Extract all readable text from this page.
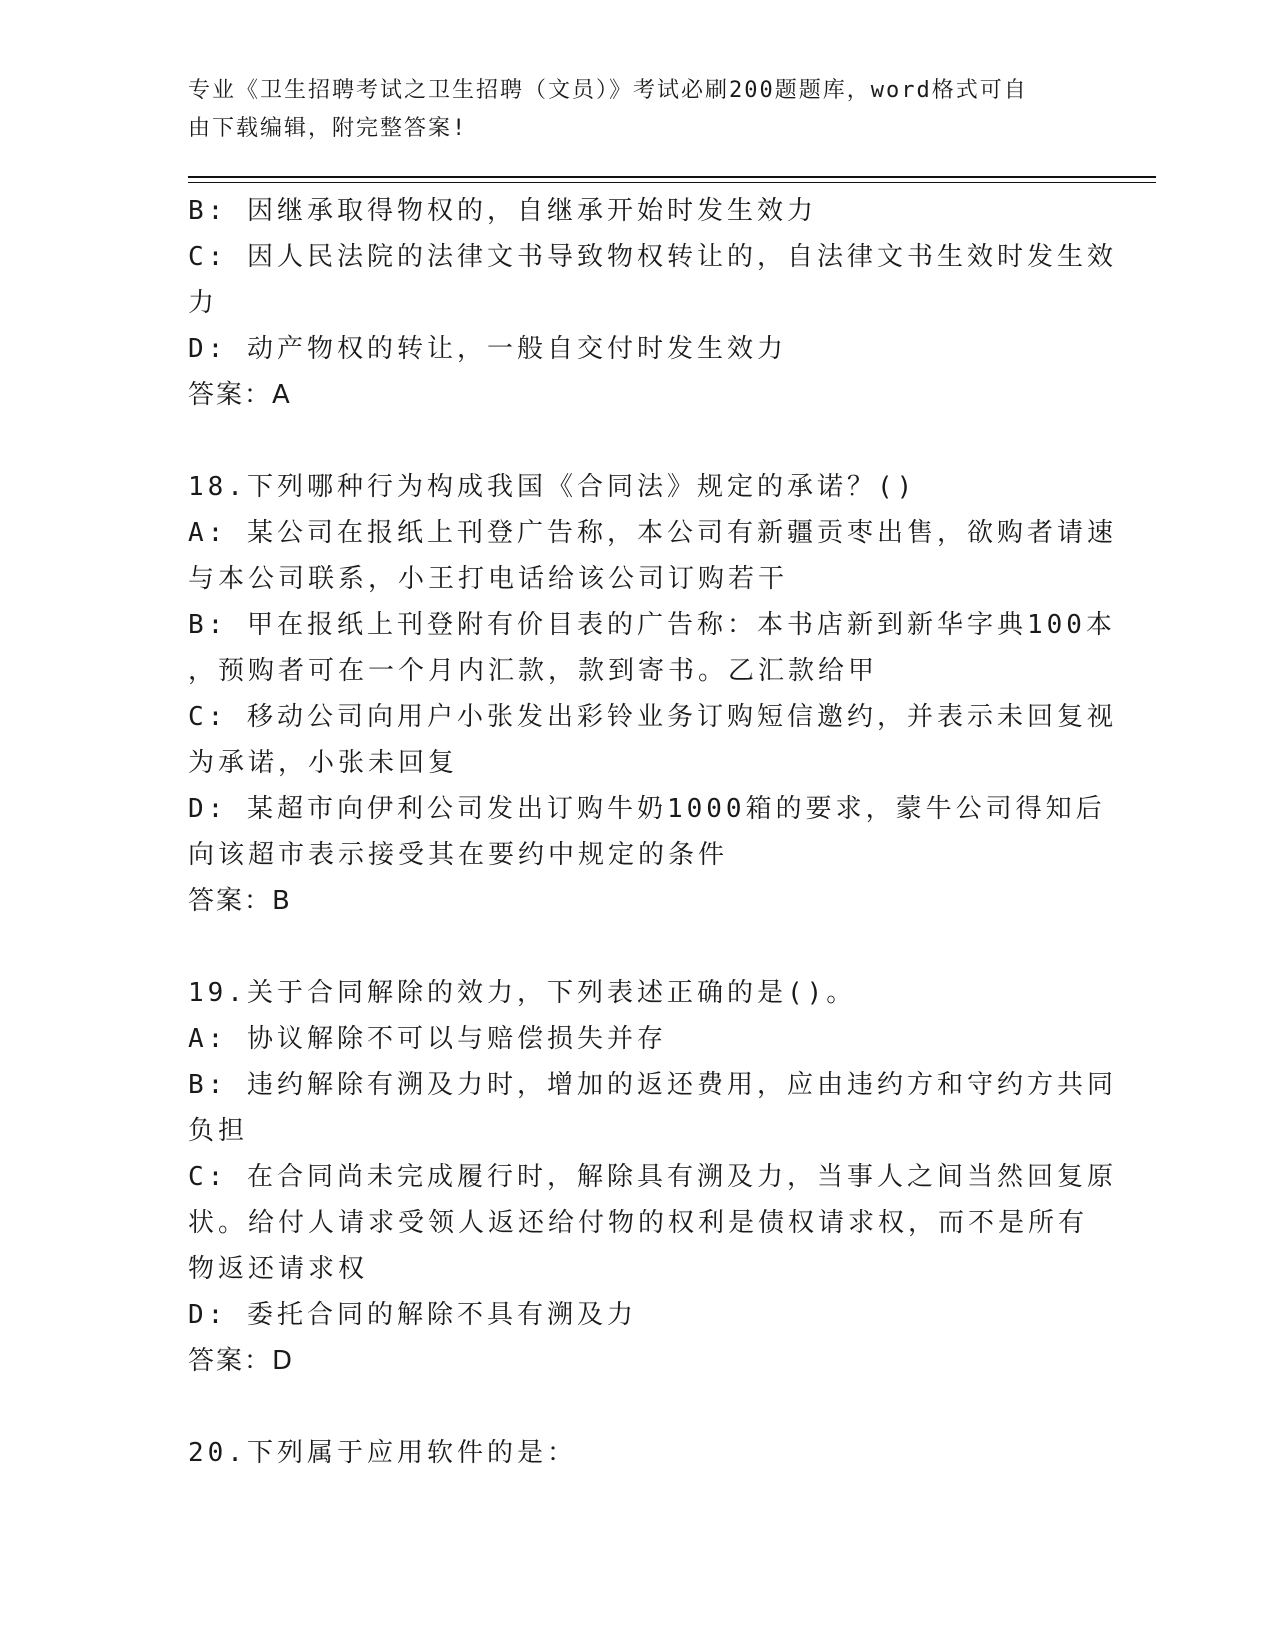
专业《卫生招聘考试之卫生招聘（文员）》考试必刷200题题库，word格式可自
由下载编辑，附完整答案!

B: 因继承取得物权的，自继承开始时发生效力

C: 因人民法院的法律文书导致物权转让的，自法律文书生效时发生效

力

D: 动产物权的转让，一般自交付时发生效力

答案：A

18.下列哪种行为构成我国《合同法》规定的承诺？()

A: 某公司在报纸上刊登广告称，本公司有新疆贡枣出售，欲购者请速

与本公司联系，小王打电话给该公司订购若干

B: 甲在报纸上刊登附有价目表的广告称：本书店新到新华字典100本

，预购者可在一个月内汇款，款到寄书。乙汇款给甲

C: 移动公司向用户小张发出彩铃业务订购短信邀约，并表示未回复视

为承诺，小张未回复

D: 某超市向伊利公司发出订购牛奶1000箱的要求，蒙牛公司得知后

向该超市表示接受其在要约中规定的条件

答案：B

19.关于合同解除的效力，下列表述正确的是()。

A: 协议解除不可以与赔偿损失并存

B: 违约解除有溯及力时，增加的返还费用，应由违约方和守约方共同

负担

C: 在合同尚未完成履行时，解除具有溯及力，当事人之间当然回复原

状。给付人请求受领人返还给付物的权利是债权请求权，而不是所有

物返还请求权

D: 委托合同的解除不具有溯及力

答案：D

20.下列属于应用软件的是：
